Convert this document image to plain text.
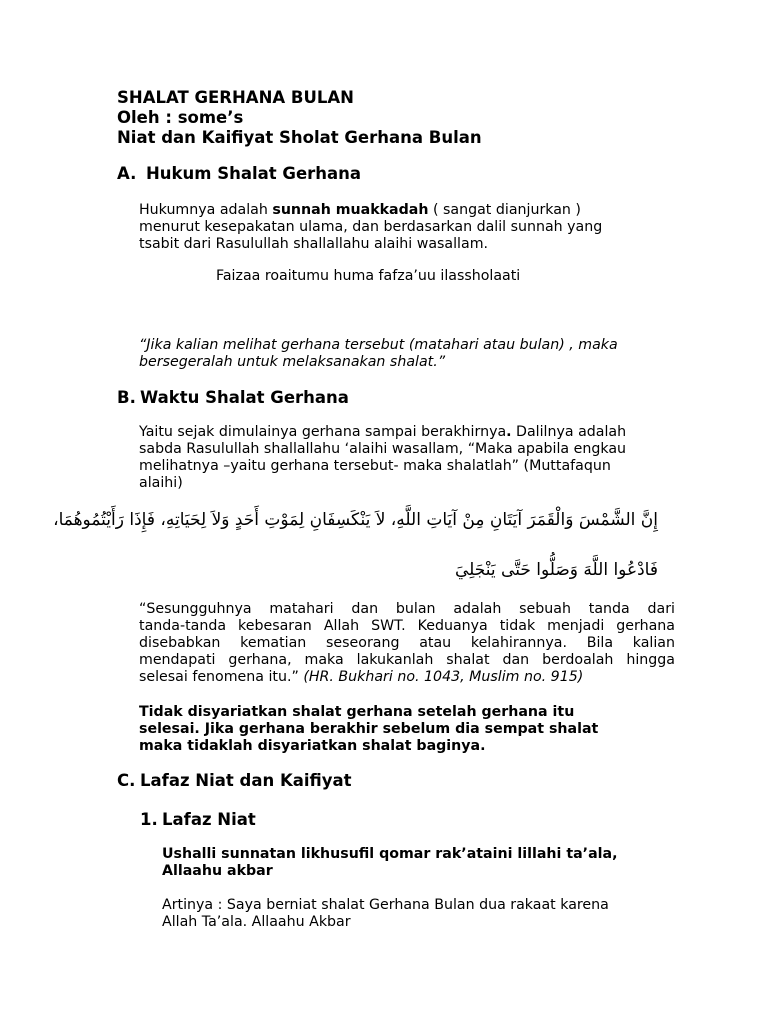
SHALAT GERHANA BULAN
Oleh : some’s
Niat dan Kaifiyat Sholat Gerhana Bulan
A. Hukum Shalat Gerhana
Hukumnya adalah sunnah muakkadah ( sangat dianjurkan )
menurut kesepakatan ulama, dan berdasarkan dalil sunnah yang
tsabit dari Rasulullah shallallahu alaihi wasallam.
Faizaa roaitumu huma fafza’uu ilassholaati
“Jika kalian melihat gerhana tersebut (matahari atau bulan) , maka
bersegeralah untuk melaksanakan shalat.”
B. Waktu Shalat Gerhana
Yaitu sejak dimulainya gerhana sampai berakhirnya. Dalilnya adalah
sabda Rasulullah shallallahu ‘alaihi wasallam, “Maka apabila engkau
melihatnya –yaitu gerhana tersebut- maka shalatlah” (Muttafaqun
alaihi)
إِنَّ الشَّمْسَ وَالْقَمَرَ آيَتَانِ مِنْ آيَاتِ اللَّهِ، لاَ يَنْكَسِفَانِ لِمَوْتِ أَحَدٍ وَلاَ لِحَيَاتِهِ، فَإِذَا رَأَيْتُمُوهُمَا،
فَادْعُوا اللَّهَ وَصَلُّوا حَتَّى يَنْجَلِيَ
“Sesungguhnya matahari dan bulan adalah sebuah tanda dari
tanda-tanda kebesaran Allah SWT. Keduanya tidak menjadi gerhana
disebabkan kematian seseorang atau kelahirannya. Bila kalian
mendapati gerhana, maka lakukanlah shalat dan berdoalah hingga
selesai fenomena itu.” (HR. Bukhari no. 1043, Muslim no. 915)
Tidak disyariatkan shalat gerhana setelah gerhana itu
selesai. Jika gerhana berakhir sebelum dia sempat shalat
maka tidaklah disyariatkan shalat baginya.
C. Lafaz Niat dan Kaifiyat
1. Lafaz Niat
Ushalli sunnatan likhusufil qomar rak’ataini lillahi ta’ala,
Allaahu akbar
Artinya : Saya berniat shalat Gerhana Bulan dua rakaat karena
Allah Ta’ala. Allaahu Akbar
